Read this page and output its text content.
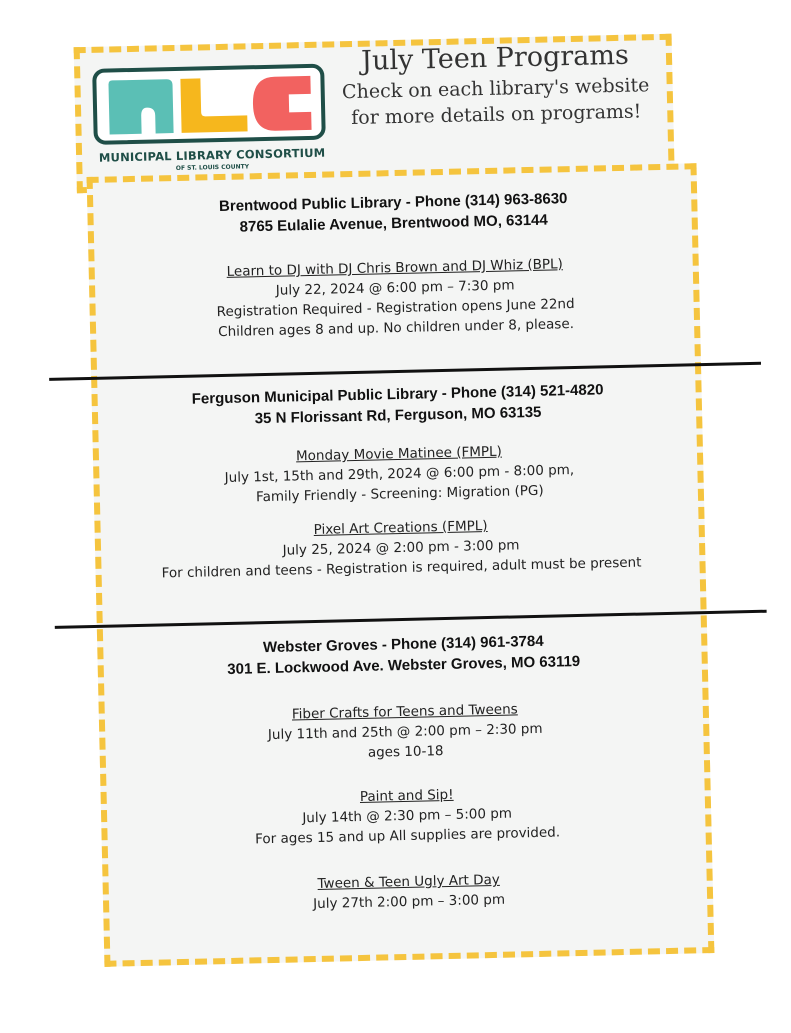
MUNICIPAL LIBRARY CONSORTIUM
OF ST. LOUIS COUNTY
July Teen Programs
Check on each library's website
for more details on programs!
Brentwood Public Library - Phone (314) 963-8630
8765 Eulalie Avenue, Brentwood MO, 63144
Learn to DJ with DJ Chris Brown and DJ Whiz (BPL)
July 22, 2024 @ 6:00 pm – 7:30 pm
Registration Required - Registration opens June 22nd
Children ages 8 and up. No children under 8, please.
Ferguson Municipal Public Library - Phone (314) 521-4820
35 N Florissant Rd, Ferguson, MO 63135
Monday Movie Matinee (FMPL)
July 1st, 15th and 29th, 2024 @ 6:00 pm - 8:00 pm,
Family Friendly - Screening: Migration (PG)
Pixel Art Creations (FMPL)
July 25, 2024 @ 2:00 pm - 3:00 pm
For children and teens - Registration is required, adult must be present
Webster Groves - Phone (314) 961-3784
301 E. Lockwood Ave. Webster Groves, MO 63119
Fiber Crafts for Teens and Tweens
July 11th and 25th @ 2:00 pm – 2:30 pm
ages 10-18
Paint and Sip!
July 14th @ 2:30 pm – 5:00 pm
For ages 15 and up All supplies are provided.
Tween & Teen Ugly Art Day
July 27th 2:00 pm – 3:00 pm
